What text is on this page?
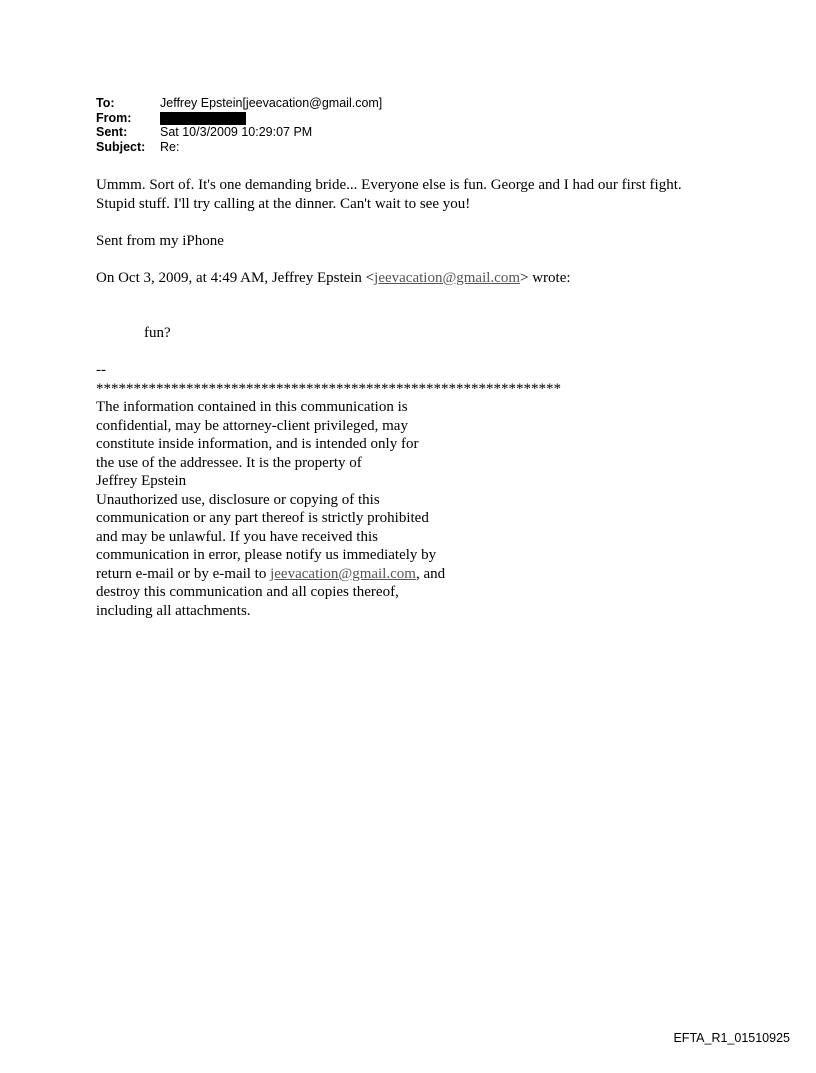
To:	Jeffrey Epstein[jeevacation@gmail.com]
From:
Sent:	Sat 10/3/2009 10:29:07 PM
Subject:	Re:

Ummm. Sort of. It's one demanding bride... Everyone else is fun. George and I had our first fight.

Stupid stuff. I'll try calling at the dinner. Can't wait to see you!

Sent from my iPhone

On Oct 3, 2009, at 4:49 AM, Jeffrey Epstein <jeevacation@gmail.com> wrote:

fun?

--

**************************************************************

The information contained in this communication is

confidential, may be attorney-client privileged, may

constitute inside information, and is intended only for

the use of the addressee. It is the property of

Jeffrey Epstein

Unauthorized use, disclosure or copying of this

communication or any part thereof is strictly prohibited

and may be unlawful. If you have received this

communication in error, please notify us immediately by

return e-mail or by e-mail to jeevacation@gmail.com, and

destroy this communication and all copies thereof,

including all attachments.

EFTA_R1_01510925
